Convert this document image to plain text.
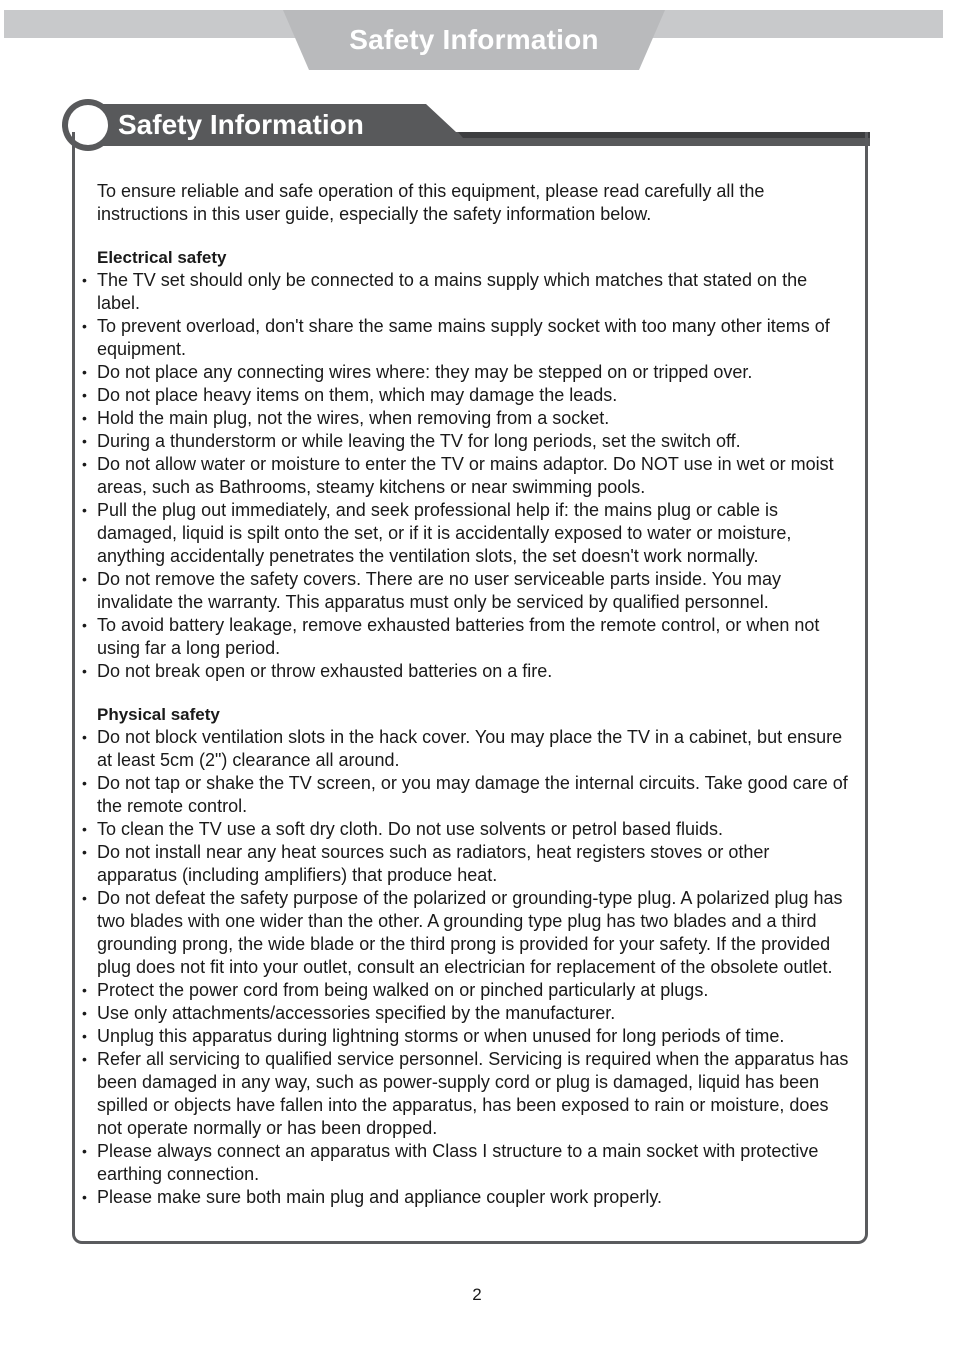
Safety Information
Safety Information

To ensure reliable and safe operation of this equipment, please read carefully all the instructions in this user guide, especially the safety information below.

Electrical safety
• The TV set should only be connected to a mains supply which matches that stated on the label.
• To prevent overload, don't share the same mains supply socket with too many other items of equipment.
• Do not place any connecting wires where: they may be stepped on or tripped over.
• Do not place heavy items on them, which may damage the leads.
• Hold the main plug, not the wires, when removing from a socket.
• During a thunderstorm or while leaving the TV for long periods, set the switch off.
• Do not allow water or moisture to enter the TV or mains adaptor. Do NOT use in wet or moist areas, such as Bathrooms, steamy kitchens or near swimming pools.
• Pull the plug out immediately, and seek professional help if: the mains plug or cable is damaged, liquid is spilt onto the set, or if it is accidentally exposed to water or moisture, anything accidentally penetrates the ventilation slots, the set doesn't work normally.
• Do not remove the safety covers. There are no user serviceable parts inside. You may invalidate the warranty. This apparatus must only be serviced by qualified personnel.
• To avoid battery leakage, remove exhausted batteries from the remote control, or when not using far a long period.
• Do not break open or throw exhausted batteries on a fire.
Physical safety
• Do not block ventilation slots in the hack cover. You may place the TV in a cabinet, but ensure at least 5cm (2") clearance all around.
• Do not tap or shake the TV screen, or you may damage the internal circuits. Take good care of the remote control.
• To clean the TV use a soft dry cloth. Do not use solvents or petrol based fluids.
• Do not install near any heat sources such as radiators, heat registers stoves or other apparatus (including amplifiers) that produce heat.
• Do not defeat the safety purpose of the polarized or grounding-type plug. A polarized plug has two blades with one wider than the other. A grounding type plug has two blades and a third grounding prong, the wide blade or the third prong is provided for your safety. If the provided plug does not fit into your outlet, consult an electrician for replacement of the obsolete outlet.
• Protect the power cord from being walked on or pinched particularly at plugs.
• Use only attachments/accessories specified by the manufacturer.
• Unplug this apparatus during lightning storms or when unused for long periods of time.
• Refer all servicing to qualified service personnel. Servicing is required when the apparatus has been damaged in any way, such as power-supply cord or plug is damaged, liquid has been spilled or objects have fallen into the apparatus, has been exposed to rain or moisture, does not operate normally or has been dropped.
• Please always connect an apparatus with Class I structure to a main socket with protective earthing connection.
• Please make sure both main plug and appliance coupler work properly.
2
